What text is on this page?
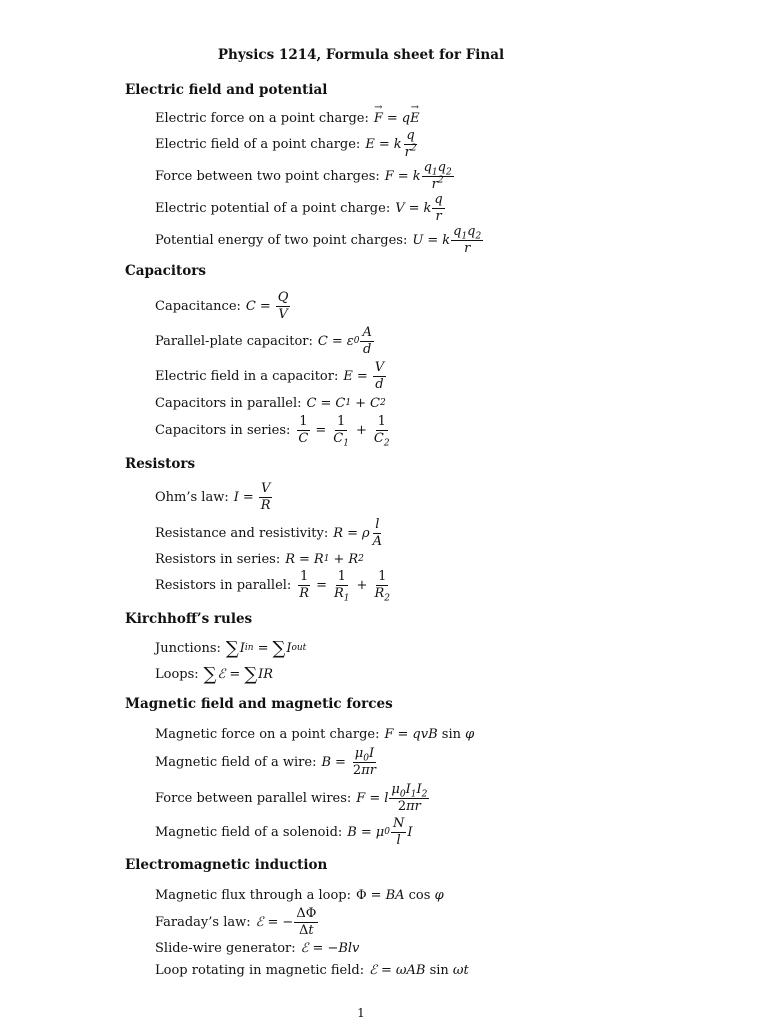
Physics 1214, Formula sheet for Final
Electric field and potential
Electric force on a point charge: → F = q → E
Electric field of a point charge: E = k $\frac{q}{r^2}$
Force between two point charges: F = k $\frac{q_1q_2}{r^2}$
Electric potential of a point charge: V = k $\frac{q}{r}$
Potential energy of two point charges: U = k $\frac{q_1q_2}{r}$
Capacitors
Capacitance: $C = \frac{Q}{V}$
Parallel-plate capacitor: C = ε $0 \frac{A}{d}$
Electric field in a capacitor: $E = \frac{V}{d}$
Capacitors in parallel: C = C 1 + C 2
Capacitors in series: $\frac{1}{C} = \frac{1}{C_1} + \frac{1}{C_2}$
Resistors
Ohm’s law: $I = \frac{V}{R}$
Resistance and resistivity: R = ρ $\frac{l}{A}$
Resistors in series: R = R 1 + R 2
Resistors in parallel: $\frac{1}{R} = \frac{1}{R_1} + \frac{1}{R_2}$
Kirchhoff’s rules
Junctions: ∑ I in = ∑ I out
Loops: ∑ ℰ = ∑ IR
Magnetic field and magnetic forces
Magnetic force on a point charge: F = qvB sin φ
Magnetic field of a wire: $B = \frac{\mu_0I}{2\pi r}$
Force between parallel wires: F = l $\frac{\mu_0I_1I_2}{2\pi r}$
Magnetic field of a solenoid: B = μ $0 \frac{N}{l}$ I
Electromagnetic induction
Magnetic flux through a loop: Φ = BA cos φ
Faraday’s law: ℰ = − $\frac{\Delta\Phi}{\Delta t}$
Slide-wire generator: ℰ = − Blv
Loop rotating in magnetic field: ℰ = ωAB sin ωt
1
